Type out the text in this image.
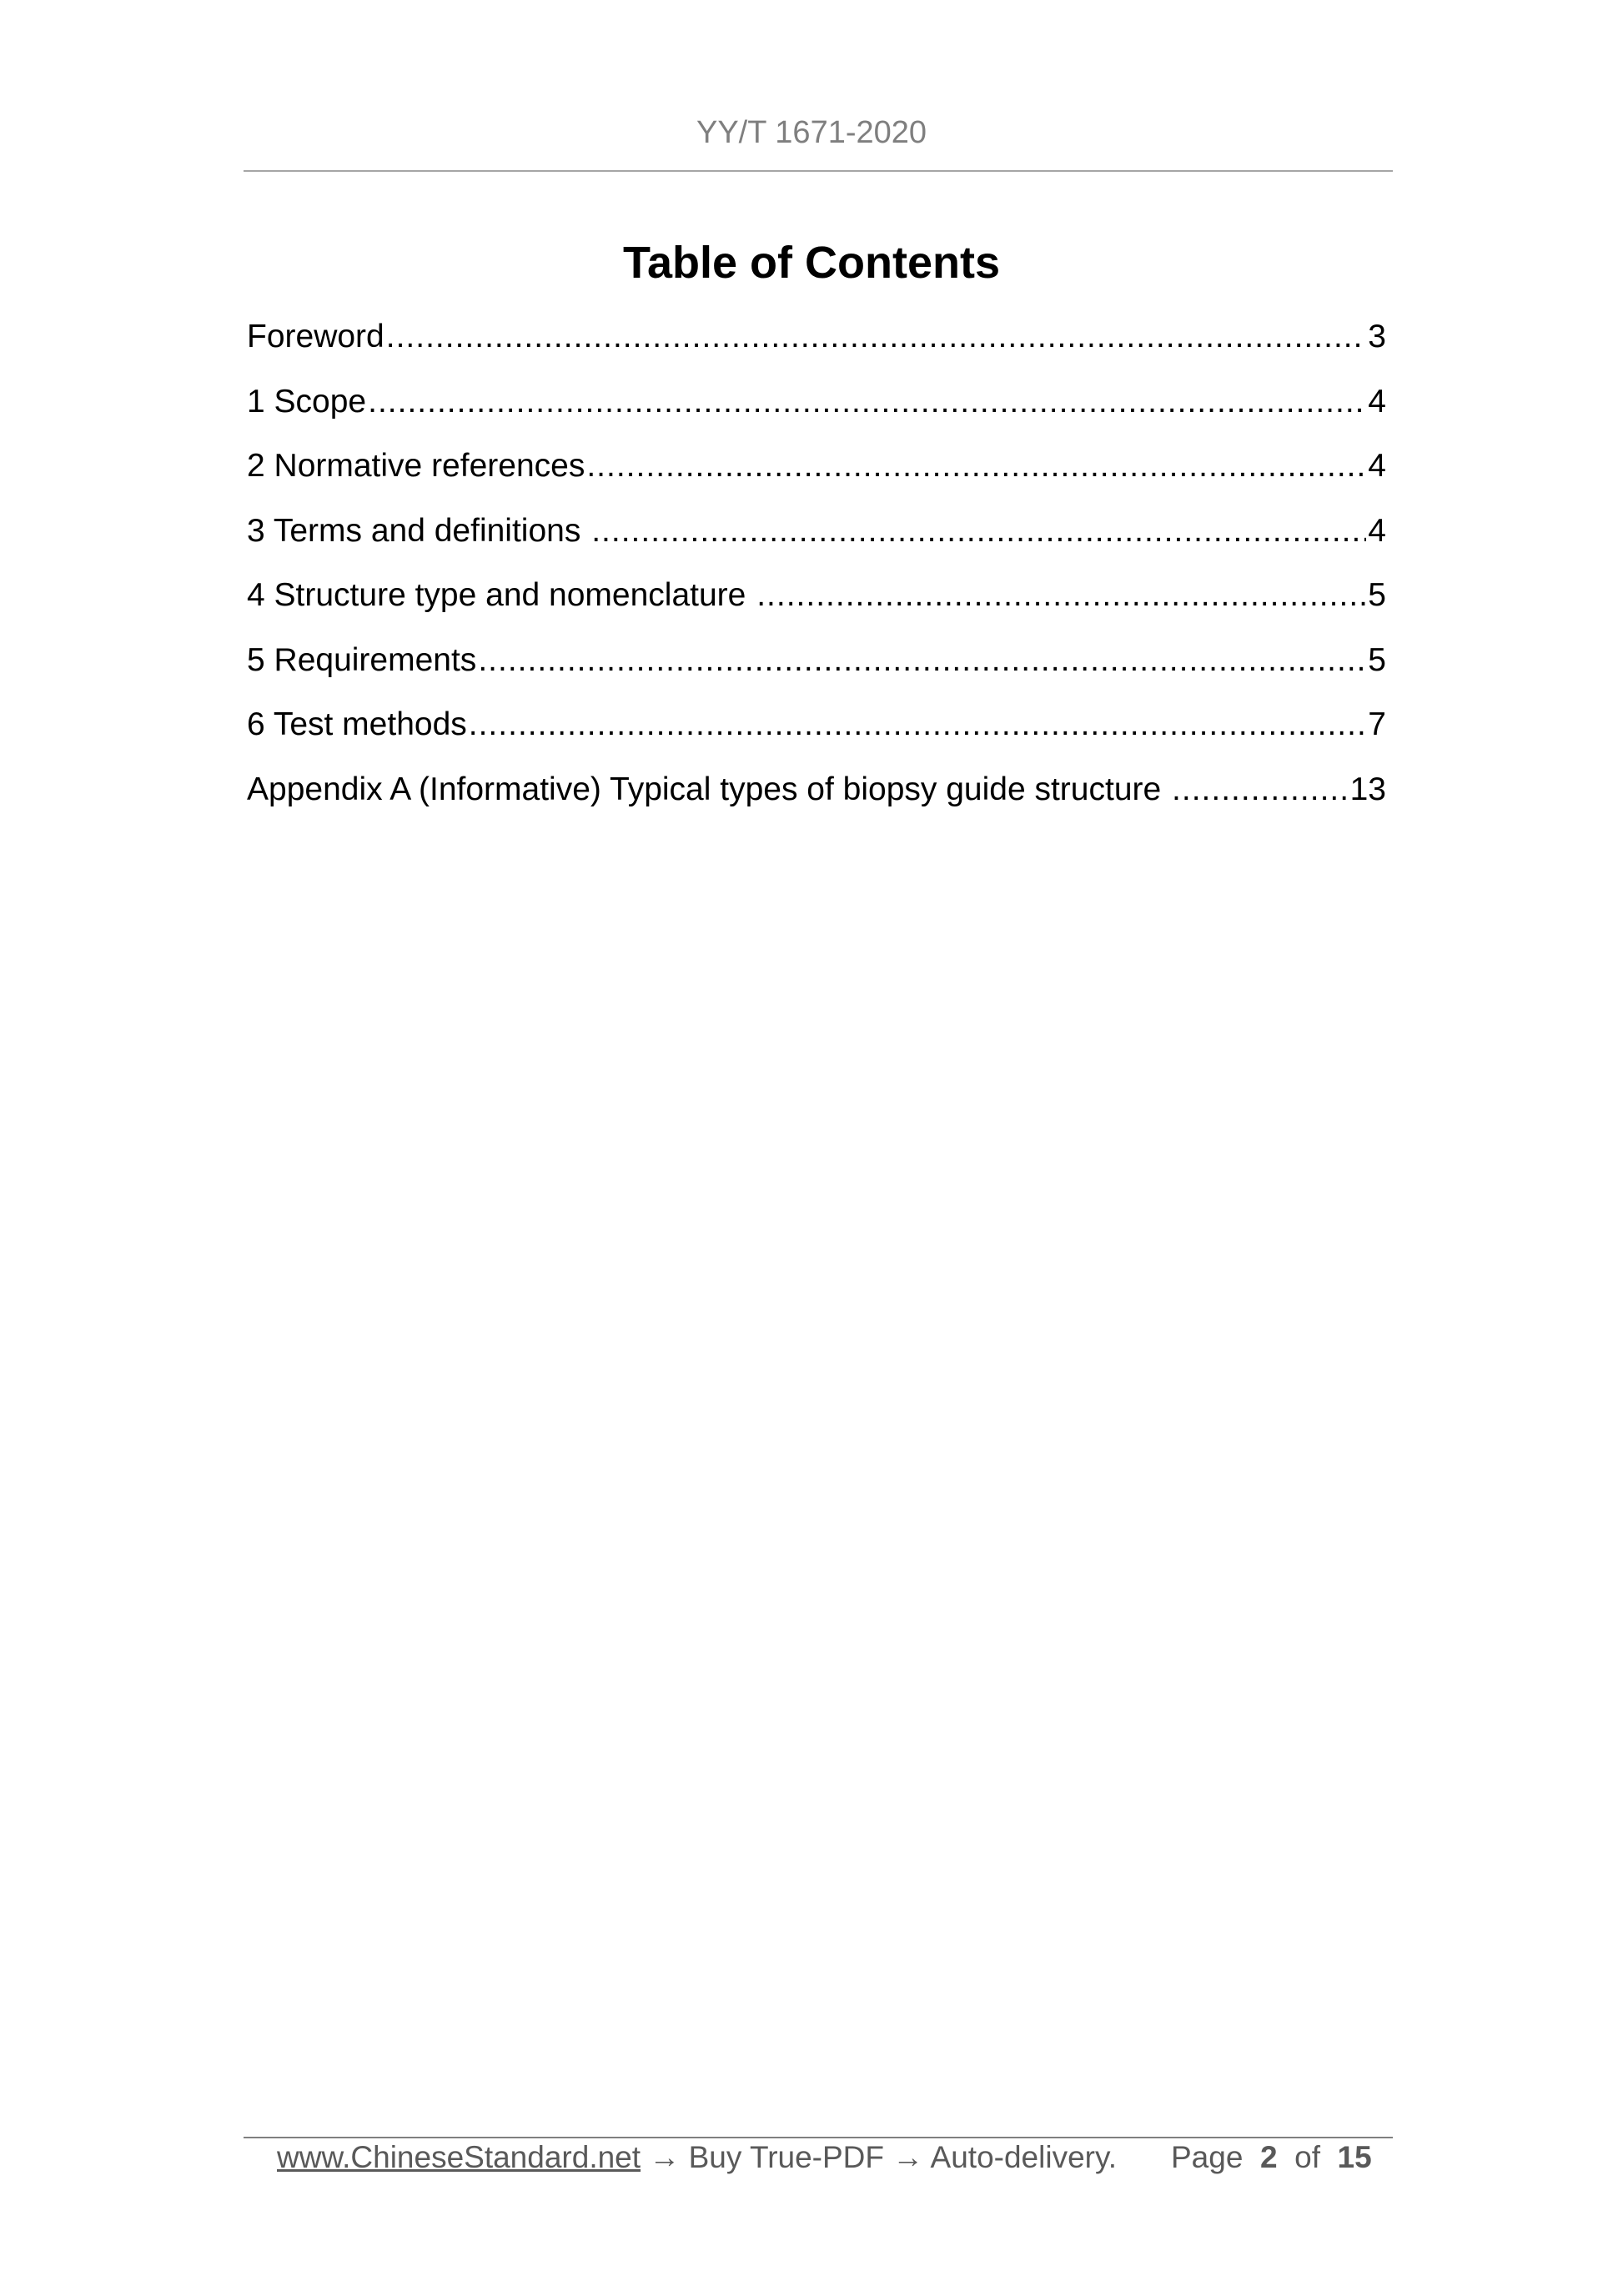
YY/T 1671-2020
Table of Contents
Foreword .....	3
1 Scope .....	4
2 Normative references .....	4
3 Terms and definitions .....	4
4 Structure type and nomenclature .....	5
5 Requirements .....	5
6 Test methods .....	7
Appendix A (Informative) Typical types of biopsy guide structure .....	13
www.ChineseStandard.net → Buy True-PDF → Auto-delivery. Page 2 of 15
